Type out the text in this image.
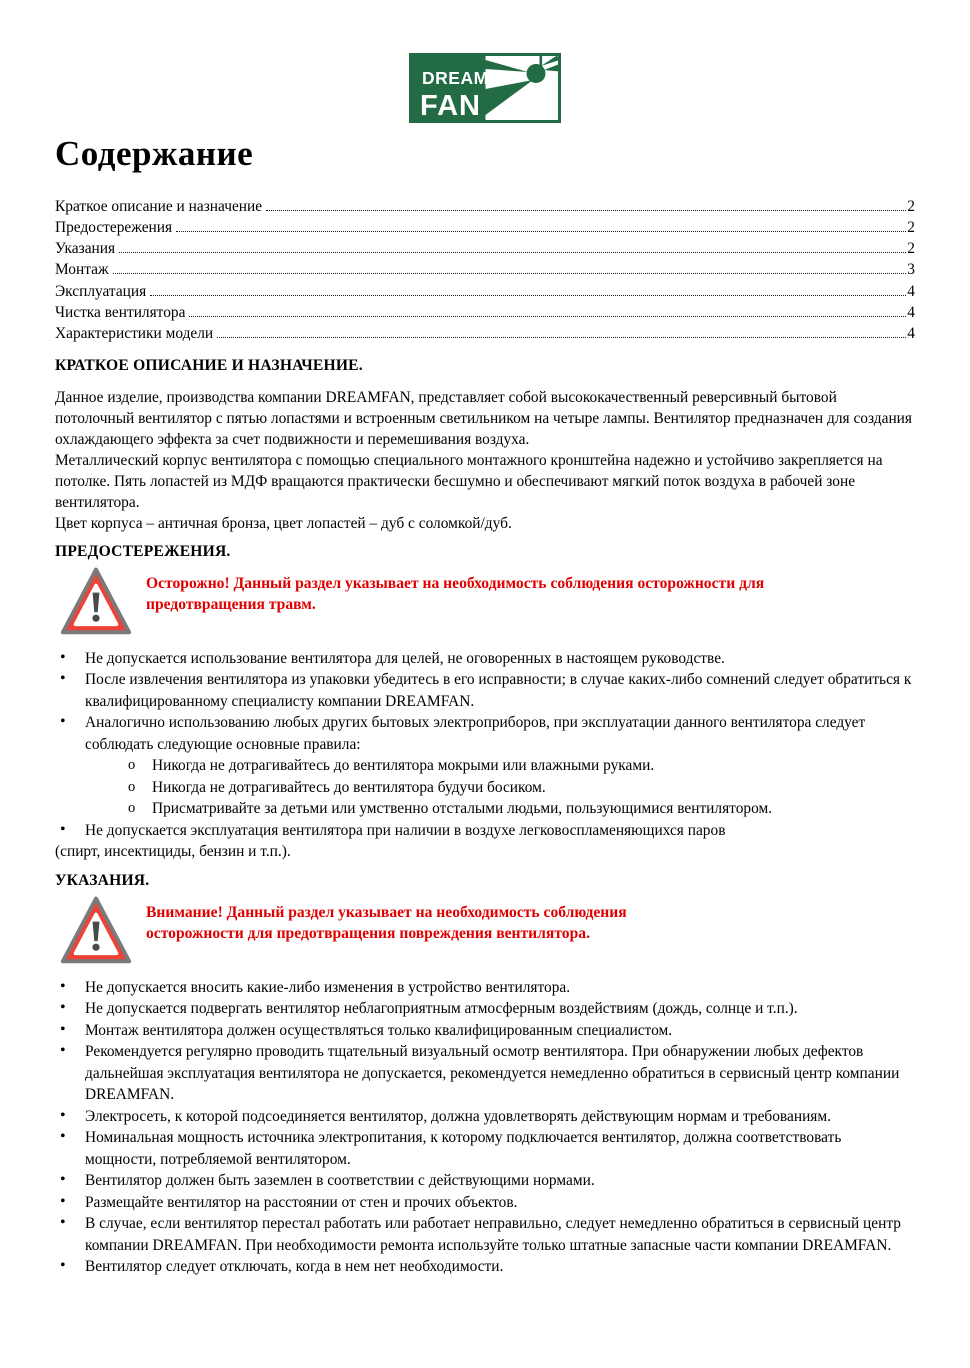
DREAM
FAN
Содержание
Краткое описание и назначение	2
Предостережения	2
Указания	2
Монтаж	3
Эксплуатация	4
Чистка вентилятора	4
Характеристики модели	4
КРАТКОЕ ОПИСАНИЕ И НАЗНАЧЕНИЕ.
Данное изделие, производства компании DREAMFAN, представляет собой высококачественный реверсивный бытовой потолочный вентилятор с пятью лопастями и встроенным светильником на четыре лампы. Вентилятор предназначен для создания охлаждающего эффекта за счет подвижности и перемешивания воздуха.
Металлический корпус вентилятора с помощью специального монтажного кронштейна надежно и устойчиво закрепляется на потолке. Пять лопастей из МДФ вращаются практически бесшумно и обеспечивают мягкий поток воздуха в рабочей зоне вентилятора.
Цвет корпуса – античная бронза, цвет лопастей – дуб с соломкой/дуб.
ПРЕДОСТЕРЕЖЕНИЯ.
Осторожно! Данный раздел указывает на необходимость соблюдения осторожности для
предотвращения травм.
• Не допускается использование вентилятора для целей, не оговоренных в настоящем руководстве.
• После извлечения вентилятора из упаковки убедитесь в его исправности; в случае каких-либо сомнений следует обратиться к квалифицированному специалисту компании DREAMFAN.
• Аналогично использованию любых других бытовых электроприборов, при эксплуатации данного вентилятора следует соблюдать следующие основные правила:
o Никогда не дотрагивайтесь до вентилятора мокрыми или влажными руками.
o Никогда не дотрагивайтесь до вентилятора будучи босиком.
o Присматривайте за детьми или умственно отсталыми людьми, пользующимися вентилятором.
• Не допускается эксплуатация вентилятора при наличии в воздухе легковоспламеняющихся паров
(спирт, инсектициды, бензин и т.п.).
УКАЗАНИЯ.
Внимание! Данный раздел указывает на необходимость соблюдения
осторожности для предотвращения повреждения вентилятора.
• Не допускается вносить какие-либо изменения в устройство вентилятора.
• Не допускается подвергать вентилятор неблагоприятным атмосферным воздействиям (дождь, солнце и т.п.).
• Монтаж вентилятора должен осуществляться только квалифицированным специалистом.
• Рекомендуется регулярно проводить тщательный визуальный осмотр вентилятора. При обнаружении любых дефектов дальнейшая эксплуатация вентилятора не допускается, рекомендуется немедленно обратиться в сервисный центр компании DREAMFAN.
• Электросеть, к которой подсоединяется вентилятор, должна удовлетворять действующим нормам и требованиям.
• Номинальная мощность источника электропитания, к которому подключается вентилятор, должна соответствовать мощности, потребляемой вентилятором.
• Вентилятор должен быть заземлен в соответствии с действующими нормами.
• Размещайте вентилятор на расстоянии от стен и прочих объектов.
• В случае, если вентилятор перестал работать или работает неправильно, следует немедленно обратиться в сервисный центр компании DREAMFAN. При необходимости ремонта используйте только штатные запасные части компании DREAMFAN.
• Вентилятор следует отключать, когда в нем нет необходимости.
